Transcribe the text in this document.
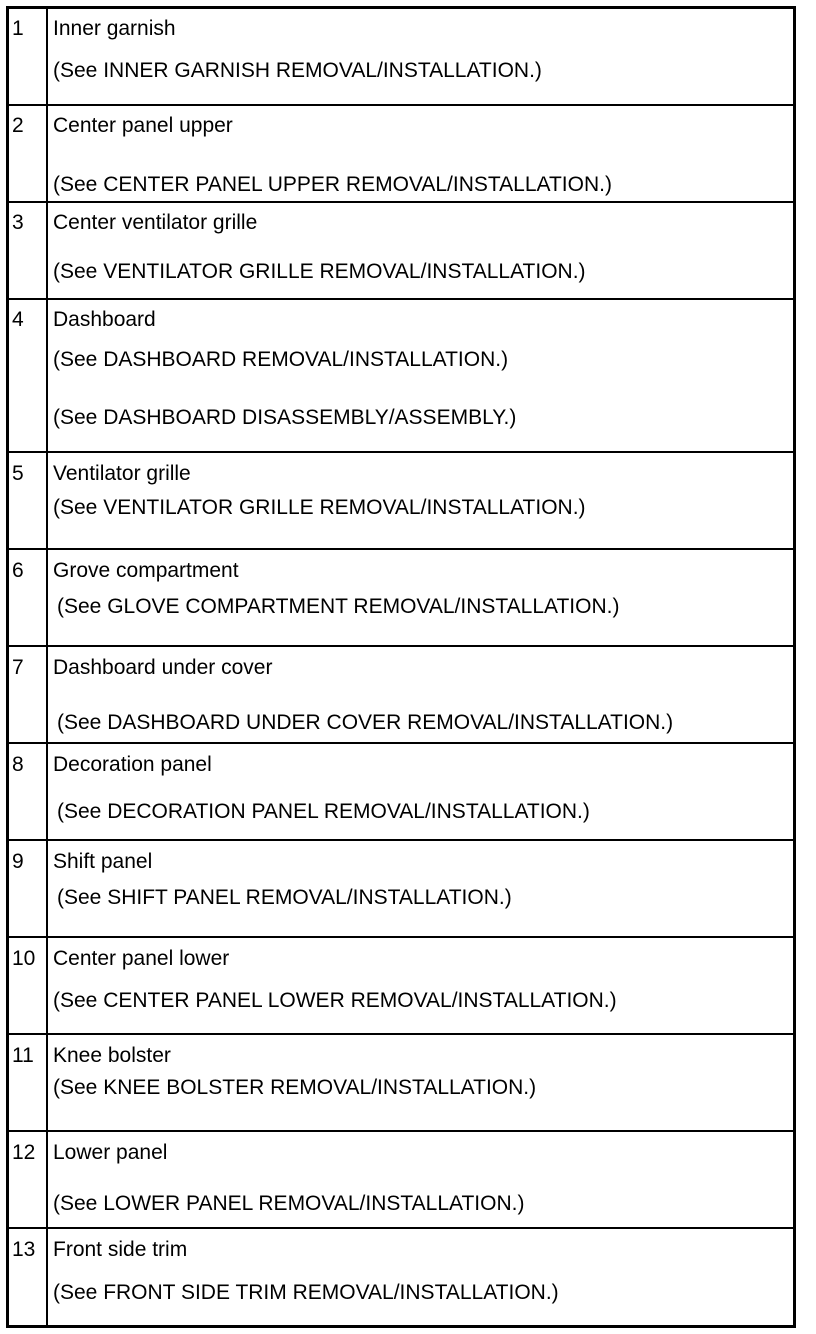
1 Inner garnish
(See INNER GARNISH REMOVAL/INSTALLATION.)
2 Center panel upper
(See CENTER PANEL UPPER REMOVAL/INSTALLATION.)
3 Center ventilator grille
(See VENTILATOR GRILLE REMOVAL/INSTALLATION.)
4 Dashboard
(See DASHBOARD REMOVAL/INSTALLATION.)
(See DASHBOARD DISASSEMBLY/ASSEMBLY.)
5 Ventilator grille
(See VENTILATOR GRILLE REMOVAL/INSTALLATION.)
6 Grove compartment
(See GLOVE COMPARTMENT REMOVAL/INSTALLATION.)
7 Dashboard under cover
(See DASHBOARD UNDER COVER REMOVAL/INSTALLATION.)
8 Decoration panel
(See DECORATION PANEL REMOVAL/INSTALLATION.)
9 Shift panel
(See SHIFT PANEL REMOVAL/INSTALLATION.)
10 Center panel lower
(See CENTER PANEL LOWER REMOVAL/INSTALLATION.)
11 Knee bolster
(See KNEE BOLSTER REMOVAL/INSTALLATION.)
12 Lower panel
(See LOWER PANEL REMOVAL/INSTALLATION.)
13 Front side trim
(See FRONT SIDE TRIM REMOVAL/INSTALLATION.)
